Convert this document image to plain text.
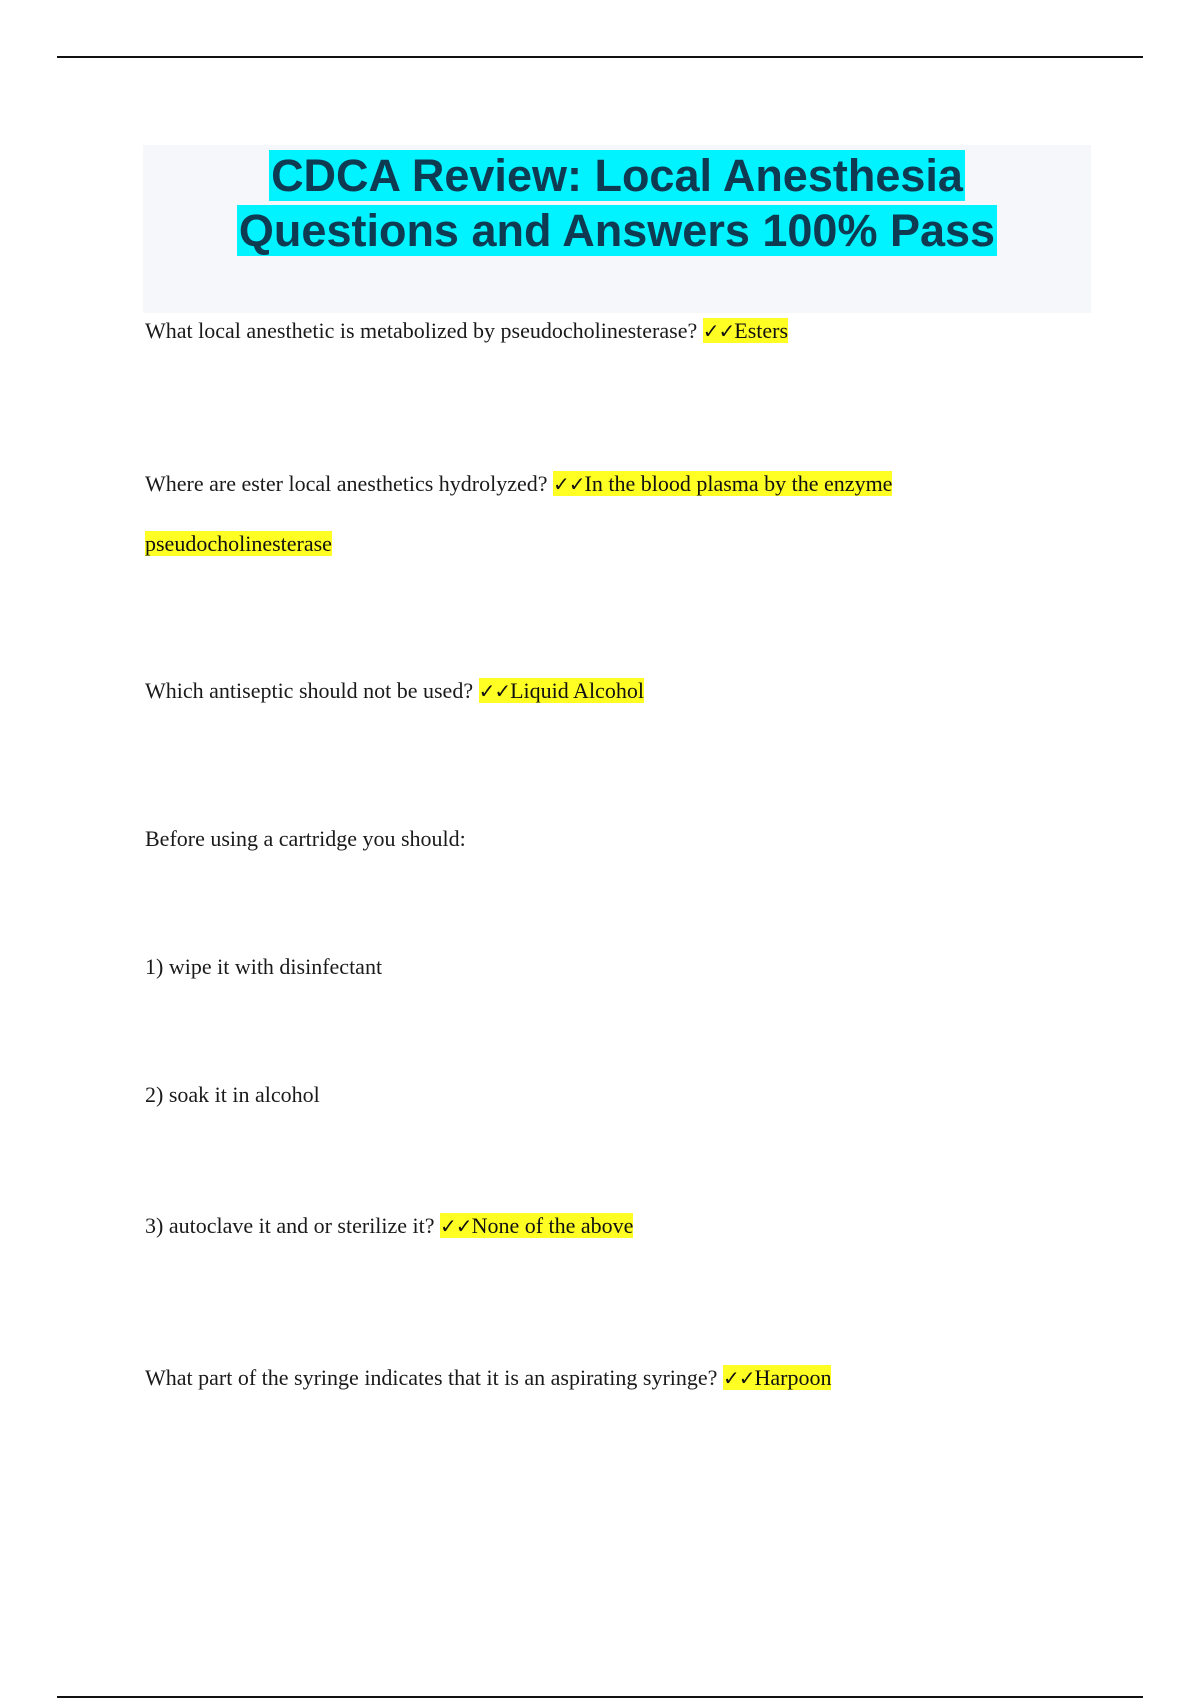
CDCA Review: Local Anesthesia
Questions and Answers 100% Pass

What local anesthetic is metabolized by pseudocholinesterase? ✓✓Esters

Where are ester local anesthetics hydrolyzed? ✓✓In the blood plasma by the enzyme

pseudocholinesterase

Which antiseptic should not be used? ✓✓Liquid Alcohol

Before using a cartridge you should:

1) wipe it with disinfectant

2) soak it in alcohol

3) autoclave it and or sterilize it? ✓✓None of the above

What part of the syringe indicates that it is an aspirating syringe? ✓✓Harpoon
